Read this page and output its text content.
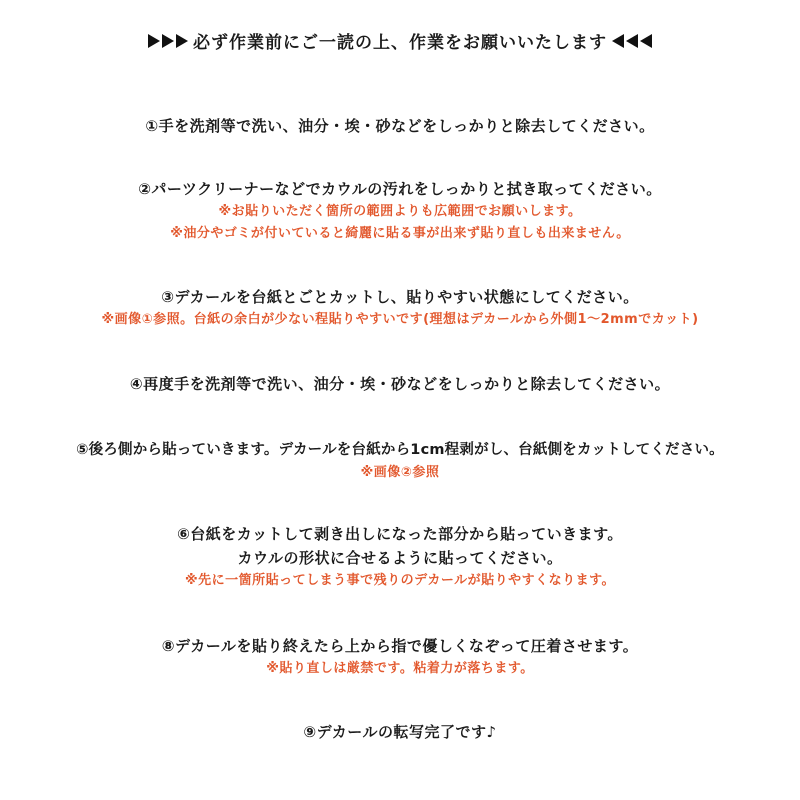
必ず作業前にご一読の上、作業をお願いいたします
①手を洗剤等で洗い、油分・埃・砂などをしっかりと除去してください。
②パーツクリーナーなどでカウルの汚れをしっかりと拭き取ってください。
※お貼りいただく箇所の範囲よりも広範囲でお願いします。
※油分やゴミが付いていると綺麗に貼る事が出来ず貼り直しも出来ません。
③デカールを台紙とごとカットし、貼りやすい状態にしてください。
※画像①参照。台紙の余白が少ない程貼りやすいです(理想はデカールから外側1～2mmでカット)
④再度手を洗剤等で洗い、油分・埃・砂などをしっかりと除去してください。
⑤後ろ側から貼っていきます。デカールを台紙から1cm程剥がし、台紙側をカットしてください。
※画像②参照
⑥台紙をカットして剥き出しになった部分から貼っていきます。
カウルの形状に合せるように貼ってください。
※先に一箇所貼ってしまう事で残りのデカールが貼りやすくなります。
⑧デカールを貼り終えたら上から指で優しくなぞって圧着させます。
※貼り直しは厳禁です。粘着力が落ちます。
⑨デカールの転写完了です♪
